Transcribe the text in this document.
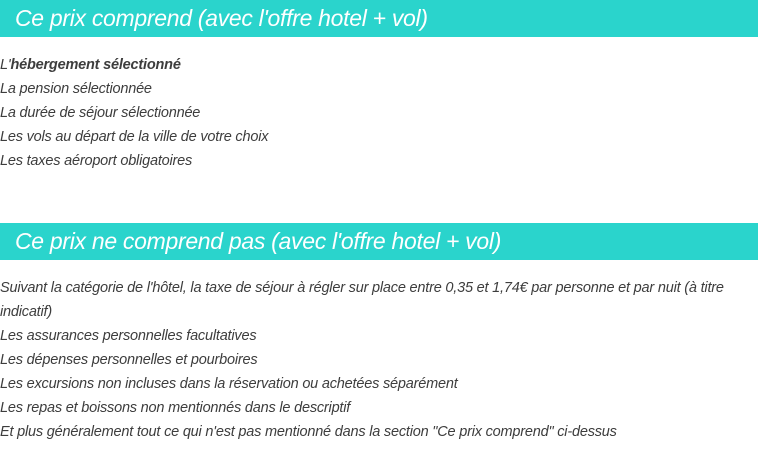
Ce prix comprend (avec l'offre hotel + vol)
L'hébergement sélectionné
La pension sélectionnée
La durée de séjour sélectionnée
Les vols au départ de la ville de votre choix
Les taxes aéroport obligatoires
Ce prix ne comprend pas (avec l'offre hotel + vol)
Suivant la catégorie de l'hôtel, la taxe de séjour à régler sur place entre 0,35 et 1,74€ par personne et par nuit (à titre indicatif)
Les assurances personnelles facultatives
Les dépenses personnelles et pourboires
Les excursions non incluses dans la réservation ou achetées séparément
Les repas et boissons non mentionnés dans le descriptif
Et plus généralement tout ce qui n'est pas mentionné dans la section "Ce prix comprend" ci-dessus
